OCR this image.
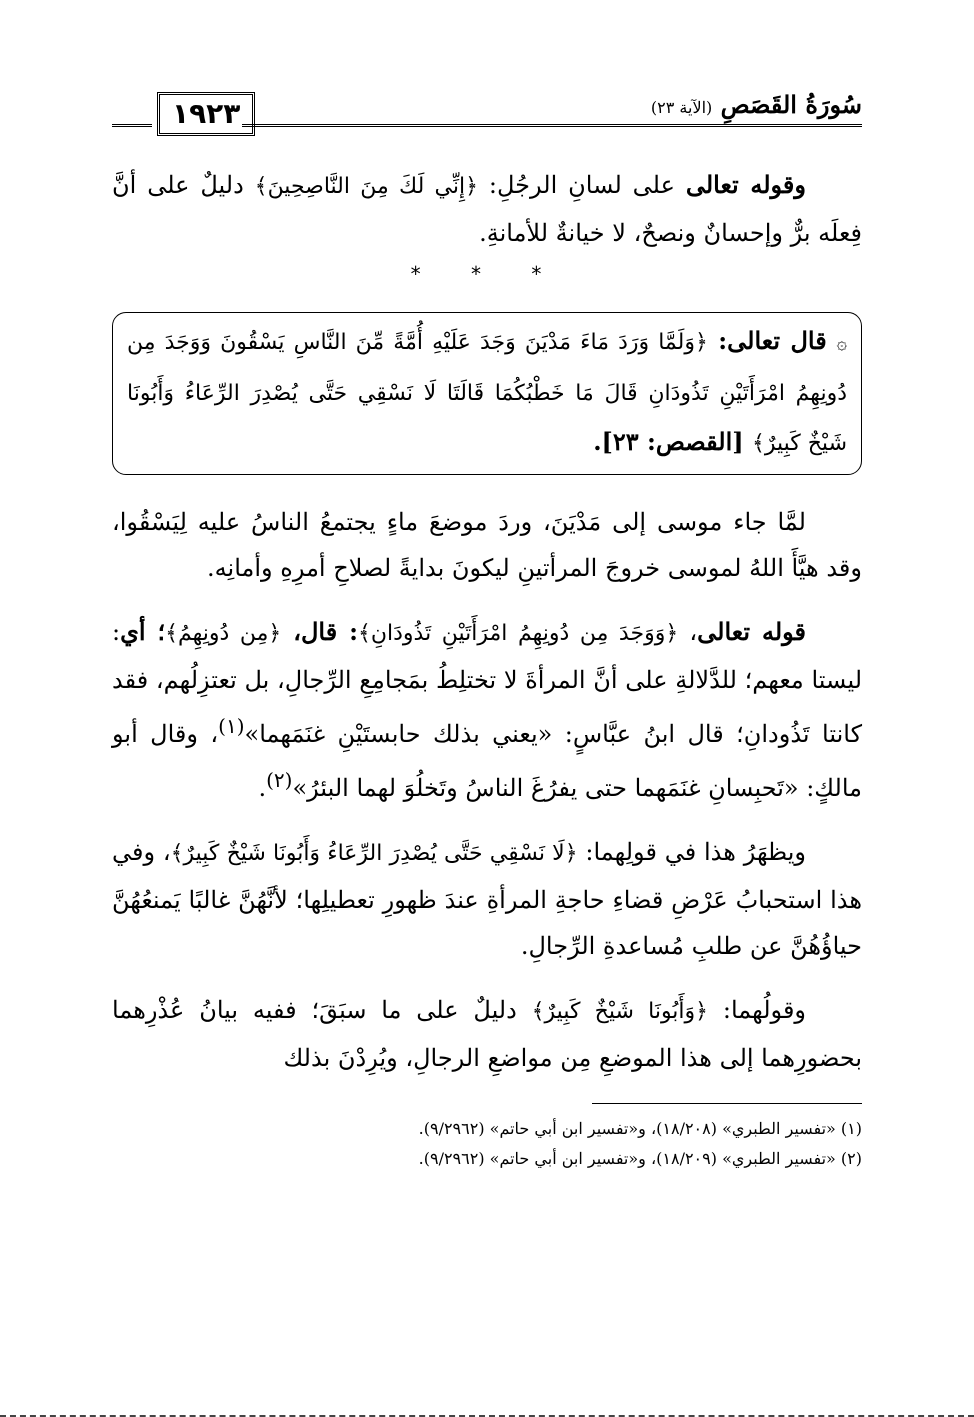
١٩٢٣	سُورَةُ القَصَصِ (الآية ٢٣)

وقوله تعالى على لسانِ الرجُلِ: ﴿إِنِّي لَكَ مِنَ النَّاصِحِينَ﴾ دليلٌ على أنَّ فِعلَه برٌّ وإحسانٌ ونصحٌ، لا خيانةٌ للأمانةِ.

* * *

۞ قال تعالى: ﴿وَلَمَّا وَرَدَ مَاءَ مَدْيَنَ وَجَدَ عَلَيْهِ أُمَّةً مِّنَ النَّاسِ يَسْقُونَ وَوَجَدَ مِن دُونِهِمُ امْرَأَتَيْنِ تَذُودَانِ قَالَ مَا خَطْبُكُمَا قَالَتَا لَا نَسْقِي حَتَّى يُصْدِرَ الرِّعَاءُ وَأَبُونَا شَيْخٌ كَبِيرٌ﴾ [القصص: ٢٣].

لمَّا جاء موسى إلى مَدْيَنَ، وردَ موضعَ ماءٍ يجتمعُ الناسُ عليه لِيَسْقُوا، وقد هيَّأَ اللهُ لموسى خروجَ المرأتينِ ليكونَ بدايةً لصلاحِ أمرِهِ وأمانِه.

قوله تعالى، ﴿وَوَجَدَ مِن دُونِهِمُ امْرَأَتَيْنِ تَذُودَانِ﴾: قال، ﴿مِن دُونِهِمُ﴾؛ أي: ليستا معهم؛ للدَّلالةِ على أنَّ المرأةَ لا تختلِطُ بمَجامِعِ الرِّجالِ، بل تعتزِلُهم، فقد كانتا تَذُودانِ؛ قال ابنُ عبَّاسٍ: «يعني بذلك حابستَيْنِ غنَمَهما»$^{(١)}$، وقال أبو مالكٍ: «تَحبِسانِ غنَمَهما حتى يفرُغَ الناسُ وتَخلُوَ لهما البئرُ»$^{(٢)}$.

ويظهَرُ هذا في قولِهما: ﴿لَا نَسْقِي حَتَّى يُصْدِرَ الرِّعَاءُ وَأَبُونَا شَيْخٌ كَبِيرٌ﴾، وفي هذا استحبابُ عَرْضِ قضاءِ حاجةِ المرأةِ عندَ ظهورِ تعطيلِها؛ لأنَّهُنَّ غالبًا يَمنعُهُنَّ حياؤُهُنَّ عن طلبِ مُساعدةِ الرِّجالِ.

وقولُهما: ﴿وَأَبُونَا شَيْخٌ كَبِيرٌ﴾ دليلٌ على ما سبَقَ؛ ففيه بيانُ عُذْرِهما بحضورِهما إلى هذا الموضعِ مِن مواضعِ الرجالِ، ويُرِدْنَ بذلك

(١) «تفسير الطبري» (١٨/٢٠٨)، و«تفسير ابن أبي حاتم» (٩/٢٩٦٢).
(٢) «تفسير الطبري» (١٨/٢٠٩)، و«تفسير ابن أبي حاتم» (٩/٢٩٦٢).
